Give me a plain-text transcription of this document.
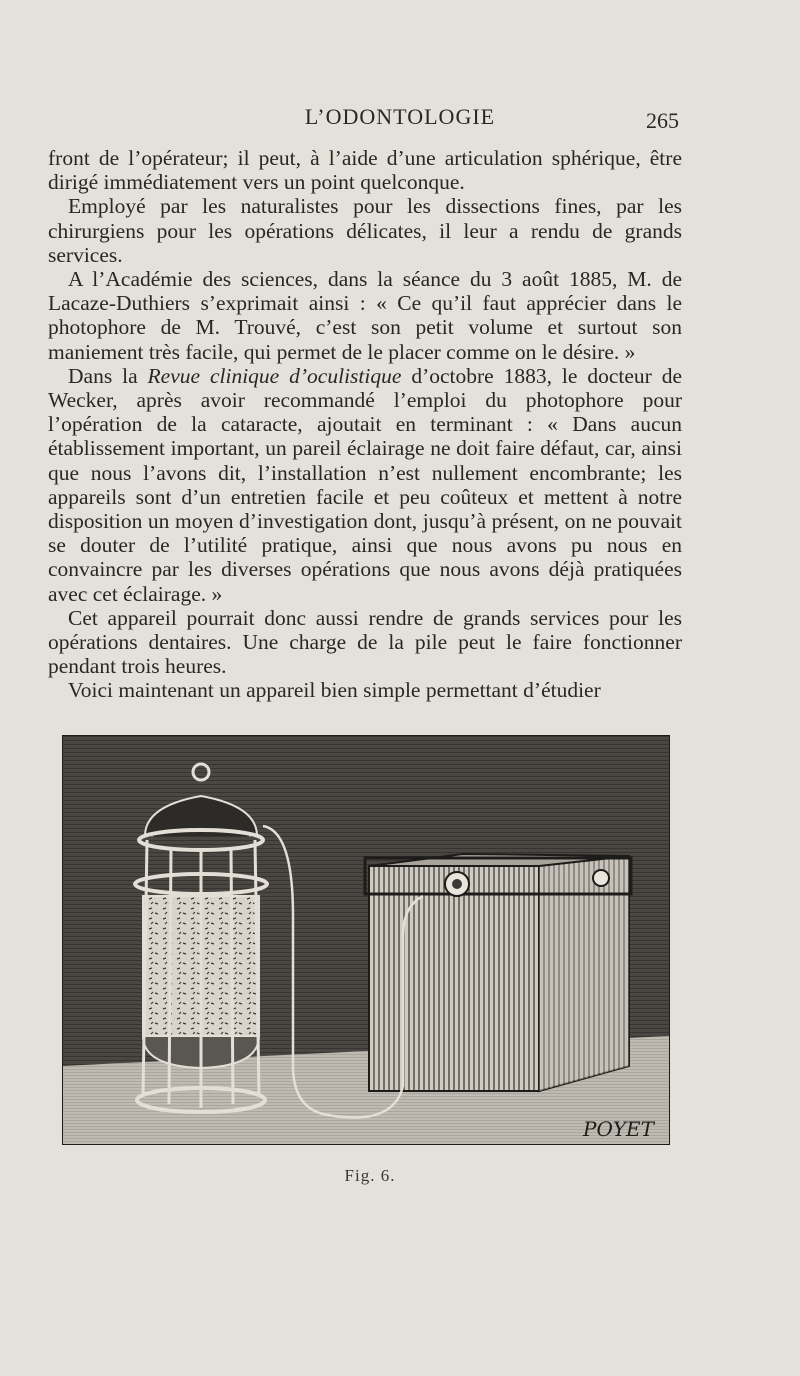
L’ODONTOLOGIE	265

front de l’opérateur; il peut, à l’aide d’une articulation sphérique, être dirigé immédiatement vers un point quelconque.

Employé par les naturalistes pour les dissections fines, par les chirurgiens pour les opérations délicates, il leur a rendu de grands services.

A l’Académie des sciences, dans la séance du 3 août 1885, M. de Lacaze-Duthiers s’exprimait ainsi : « Ce qu’il faut apprécier dans le photophore de M. Trouvé, c’est son petit volume et surtout son maniement très facile, qui permet de le placer comme on le désire. »

Dans la Revue clinique d’oculistique d’octobre 1883, le docteur de Wecker, après avoir recommandé l’emploi du photophore pour l’opération de la cataracte, ajoutait en terminant : « Dans aucun établissement important, un pareil éclairage ne doit faire défaut, car, ainsi que nous l’avons dit, l’installation n’est nullement encombrante; les appareils sont d’un entretien facile et peu coûteux et mettent à notre disposition un moyen d’investigation dont, jusqu’à présent, on ne pouvait se douter de l’utilité pratique, ainsi que nous avons pu nous en convaincre par les diverses opérations que nous avons déjà pratiquées avec cet éclairage. »

Cet appareil pourrait donc aussi rendre de grands services pour les opérations dentaires. Une charge de la pile peut le faire fonctionner pendant trois heures.

Voici maintenant un appareil bien simple permettant d’étudier

POYET
Fig. 6.
